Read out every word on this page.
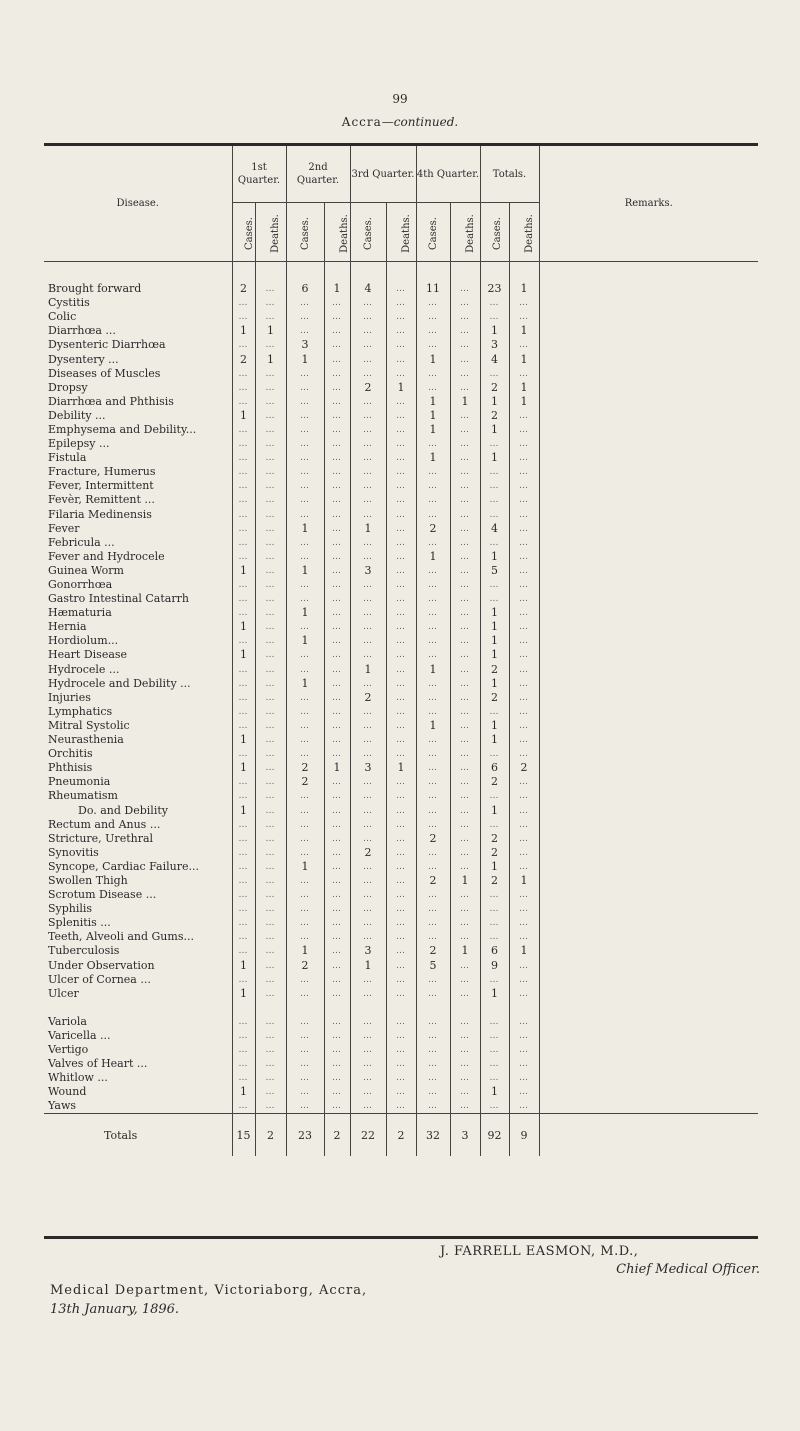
99
Accra—continued.
Disease.	1st Quarter.		2nd Quarter.		3rd Quarter.		4th Quarter.		Totals.		Remarks.
	Cases.	Deaths.	Cases.	Deaths.	Cases.	Deaths.	Cases.	Deaths.	Cases.	Deaths.	

Brought forward	2	…	6	1	4	…	11	…	23	1	
Cystitis	…	…	…	…	…	…	…	…	…	…	
Colic	…	…	…	…	…	…	…	…	…	…	
Diarrhœa ...	1	1	…	…	…	…	…	…	1	1	
Dysenteric Diarrhœa	…	…	3	…	…	…	…	…	3	…	
Dysentery ...	2	1	1	…	…	…	1	…	4	1	
Diseases of Muscles	…	…	…	…	…	…	…	…	…	…	
Dropsy	…	…	…	…	2	1	…	…	2	1	
Diarrhœa and Phthisis	…	…	…	…	…	…	1	1	1	1	
Debility ...	1	…	…	…	…	…	1	…	2	…	
Emphysema and Debility...	…	…	…	…	…	…	1	…	1	…	
Epilepsy ...	…	…	…	…	…	…	…	…	…	…	
Fistula	…	…	…	…	…	…	1	…	1	…	
Fracture, Humerus	…	…	…	…	…	…	…	…	…	…	
Fever, Intermittent	…	…	…	…	…	…	…	…	…	…	
Fevèr, Remittent ...	…	…	…	…	…	…	…	…	…	…	
Filaria Medinensis	…	…	…	…	…	…	…	…	…	…	
Fever	…	…	1	…	1	…	2	…	4	…	
Febricula ...	…	…	…	…	…	…	…	…	…	…	
Fever and Hydrocele	…	…	…	…	…	…	1	…	1	…	
Guinea Worm	1	…	1	…	3	…	…	…	5	…	
Gonorrhœa	…	…	…	…	…	…	…	…	…	…	
Gastro Intestinal Catarrh	…	…	…	…	…	…	…	…	…	…	
Hæmaturia	…	…	1	…	…	…	…	…	1	…	
Hernia	1	…	…	…	…	…	…	…	1	…	
Hordiolum...	…	…	1	…	…	…	…	…	1	…	
Heart Disease	1	…	…	…	…	…	…	…	1	…	
Hydrocele ...	…	…	…	…	1	…	1	…	2	…	
Hydrocele and Debility ...	…	…	1	…	…	…	…	…	1	…	
Injuries	…	…	…	…	2	…	…	…	2	…	
Lymphatics	…	…	…	…	…	…	…	…	…	…	
Mitral Systolic	…	…	…	…	…	…	1	…	1	…	
Neurasthenia	1	…	…	…	…	…	…	…	1	…	
Orchitis	…	…	…	…	…	…	…	…	…	…	
Phthisis	1	…	2	1	3	1	…	…	6	2	
Pneumonia	…	…	2	…	…	…	…	…	2	…	
Rheumatism	…	…	…	…	…	…	…	…	…	…	
Do. and Debility	1	…	…	…	…	…	…	…	1	…	
Rectum and Anus ...	…	…	…	…	…	…	…	…	…	…	
Stricture, Urethral	…	…	…	…	…	…	2	…	2	…	
Synovitis	…	…	…	…	2	…	…	…	2	…	
Syncope, Cardiac Failure...	…	…	1	…	…	…	…	…	1	…	
Swollen Thigh	…	…	…	…	…	…	2	1	2	1	
Scrotum Disease ...	…	…	…	…	…	…	…	…	…	…	
Syphilis	…	…	…	…	…	…	…	…	…	…	
Splenitis ...	…	…	…	…	…	…	…	…	…	…	
Teeth, Alveoli and Gums...	…	…	…	…	…	…	…	…	…	…	
Tuberculosis	…	…	1	…	3	…	2	1	6	1	
Under Observation	1	…	2	…	1	…	5	…	9	…	
Ulcer of Cornea ...	…	…	…	…	…	…	…	…	…	…	
Ulcer	1	…	…	…	…	…	…	…	1	…	

Variola	…	…	…	…	…	…	…	…	…	…	
Varicella ...	…	…	…	…	…	…	…	…	…	…	
Vertigo	…	…	…	…	…	…	…	…	…	…	
Valves of Heart ...	…	…	…	…	…	…	…	…	…	…	
Whitlow ...	…	…	…	…	…	…	…	…	…	…	
Wound	1	…	…	…	…	…	…	…	1	…	
Yaws	…	…	…	…	…	…	…	…	…	…	
Totals	15	2	23	2	22	2	32	3	92	9	
J. FARRELL EASMON, M.D.,
Chief Medical Officer.
Medical Department, Victoriaborg, Accra,
13th January, 1896.
